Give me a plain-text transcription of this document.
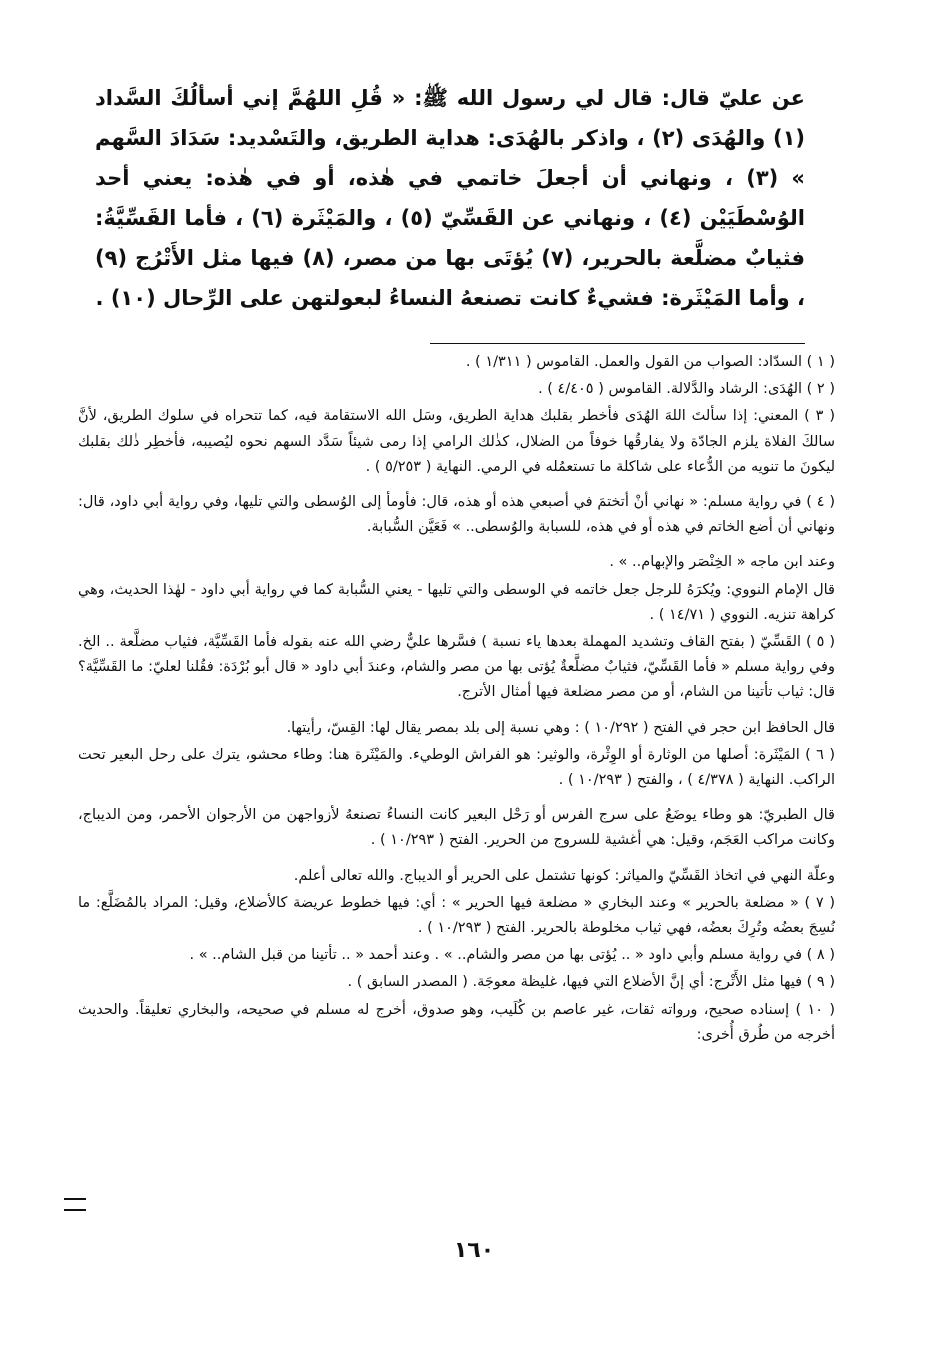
عن عليّ قال: قال لي رسول الله ﷺ: « قُلِ اللهُمَّ إني أسألُكَ السَّداد (١) والهُدَى (٢) ، واذكر بالهُدَى: هداية الطريق، والتَسْديد: سَدَادَ السَّهم » (٣) ، ونهاني أن أجعلَ خاتمي في هٰذه، أو في هٰذه: يعني أحد الوُسْطَيَيْن (٤) ، ونهاني عن القَسِّيّ (٥) ، والمَيْثَرة (٦) ، فأما القَسِّيَّةُ: فثيابٌ مضلَّعة بالحرير، (٧) يُؤتَى بها من مصر، (٨) فيها مثل الأَتْرُج (٩) ، وأما المَيْثَرة: فشيءٌ كانت تصنعهُ النساءُ لبعولتهن على الرِّحال (١٠) .

( ١ ) السدّاد: الصواب من القول والعمل. القاموس ( ١/٣١١ ) .

( ٢ ) الهُدَى: الرشاد والدَّلالة. القاموس ( ٤/٤٠٥ ) .

( ٣ ) المعني: إذا سألتَ اللهَ الهُدَى فأخطر بقلبك هداية الطريق، وسَل الله الاستقامة فيه، كما تتحراه في سلوك الطريق، لأنَّ سالكَ الفلاة يلزم الجادّة ولا يفارقُها خوفاً من الضلال، كذٰلك الرامي إذا رمى شيئاً سَدَّد السهم نحوه ليُصيبه، فأخطِر ذٰلك بقلبك ليكونَ ما تنويه من الدُّعاء على شاكلة ما تستعمُله في الرمي. النهاية ( ٥/٢٥٣ ) .

( ٤ ) في رواية مسلم: « نهاني أنْ أتختمَ في أصبعي هذه أو هذه، قال: فأومأ إلى الوُسطى والتي تليها، وفي رواية أبي داود، قال: ونهاني أن أضع الخاتم في هذه أو في هذه، للسبابة والوُسطى.. » فَعَيَّن السُّبابة.

وعند ابن ماجه « الخِنْصَر والإبهام.. » .

قال الإمام النووي: ويُكرَهُ للرجل جعل خاتمه في الوسطى والتي تليها - يعني السُّبابة كما في رواية أبي داود - لهٰذا الحديث، وهي كراهة تنزيه. النووي ( ١٤/٧١ ) .

( ٥ ) القَسِّيّ ( بفتح القاف وتشديد المهملة بعدها ياء نسبة ) فسَّرها عليٌّ رضي الله عنه بقوله فأما القَسِّيَّة، فثياب مضلَّعة .. الخ. وفي رواية مسلم « فأما القَسِّيّ، فثيابٌ مضلَّعةٌ يُؤتى بها من مصر والشام، وعندَ أبي داود « قال أبو بُرْدَة: فقُلنا لعليّ: ما القَسِّيَّة؟ قال: ثياب تأتينا من الشام، أو من مصر مضلعة فيها أمثال الأترج.

قال الحافظ ابن حجر في الفتح ( ١٠/٢٩٢ ) : وهي نسبة إلى بلد بمصر يقال لها: القِسّ، رأيتها.

( ٦ ) المَيْثَرة: أصلها من الوثارة أو الوِثْرة، والوثير: هو الفراش الوطيء. والمَيْثَرة هنا: وطاء محشو، يترك على رحل البعير تحت الراكب. النهاية ( ٤/٣٧٨ ) ، والفتح ( ١٠/٢٩٣ ) .

قال الطبريّ: هو وطاء يوضَعُ على سرج الفرس أو رَحْل البعير كانت النساءُ تصنعهُ لأزواجهن من الأرجوان الأحمر، ومن الديباج، وكانت مراكب العَجَم، وقيل: هي أغشية للسروج من الحرير. الفتح ( ١٠/٢٩٣ ) .

وعلّة النهي في اتخاذ القَسِّيّ والمياثر: كونها تشتمل على الحرير أو الديباج. والله تعالى أعلم.

( ٧ ) « مضلعة بالحرير » وعند البخاري « مضلعة فيها الحرير » : أي: فيها خطوط عريضة كالأضلاع، وقيل: المراد بالمُضَلَّع: ما نُسِجَ بعضُه وتُرِكَ بعضُه، فهي ثياب مخلوطة بالحرير. الفتح ( ١٠/٢٩٣ ) .

( ٨ ) في رواية مسلم وأبي داود « .. يُؤتى بها من مصر والشام.. » . وعند أحمد « .. تأتينا من قبل الشام.. » .

( ٩ ) فيها مثل الأَتْرج: أي إنَّ الأضلاع التي فيها، غليظة معوجَة. ( المصدر السابق ) .

( ١٠ ) إسناده صحيح، ورواته ثقات، غير عاصم بن كُلَيب، وهو صدوق، أخرج له مسلم في صحيحه، والبخاري تعليقاً. والحديث أخرجه من طُرق أُخرى:

١٦٠
